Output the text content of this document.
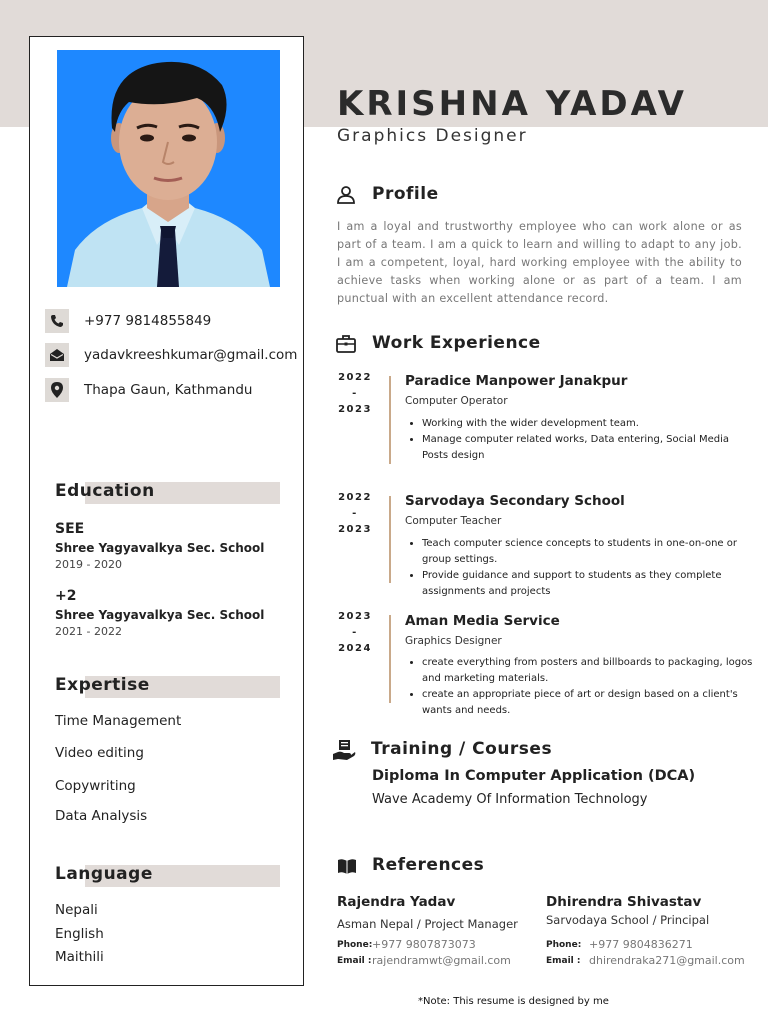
+977 9814855849
yadavkreeshkumar@gmail.com
Thapa Gaun, Kathmandu
Education
SEE
Shree Yagyavalkya Sec. School
2019 - 2020
+2
Shree Yagyavalkya Sec. School
2021 - 2022
Expertise
Time Management
Video editing
Copywriting
Data Analysis
Language
Nepali
English
Maithili
KRISHNA YADAV
Graphics Designer
Profile
I am a loyal and trustworthy employee who can work alone or as part of a team. I am a quick to learn and willing to adapt to any job. I am a competent, loyal, hard working employee with the ability to achieve tasks when working alone or as part of a team. I am punctual with an excellent attendance record.
Work Experience
2022
-
2023
Paradice Manpower Janakpur
Computer Operator
• Working with the wider development team.
• Manage computer related works, Data entering, Social Media Posts design
2022
-
2023
Sarvodaya Secondary School
Computer Teacher
• Teach computer science concepts to students in one-on-one or group settings.
• Provide guidance and support to students as they complete assignments and projects
2023
-
2024
Aman Media Service
Graphics Designer
• create everything from posters and billboards to packaging, logos and marketing materials.
• create an appropriate piece of art or design based on a client's wants and needs.
Training / Courses
Diploma In Computer Application (DCA)
Wave Academy Of Information Technology
References
Rajendra Yadav
Asman Nepal / Project Manager
Phone: +977 9807873073
Email : rajendramwt@gmail.com
Dhirendra Shivastav
Sarvodaya School / Principal
Phone: +977 9804836271
Email : dhirendraka271@gmail.com
*Note: This resume is designed by me
